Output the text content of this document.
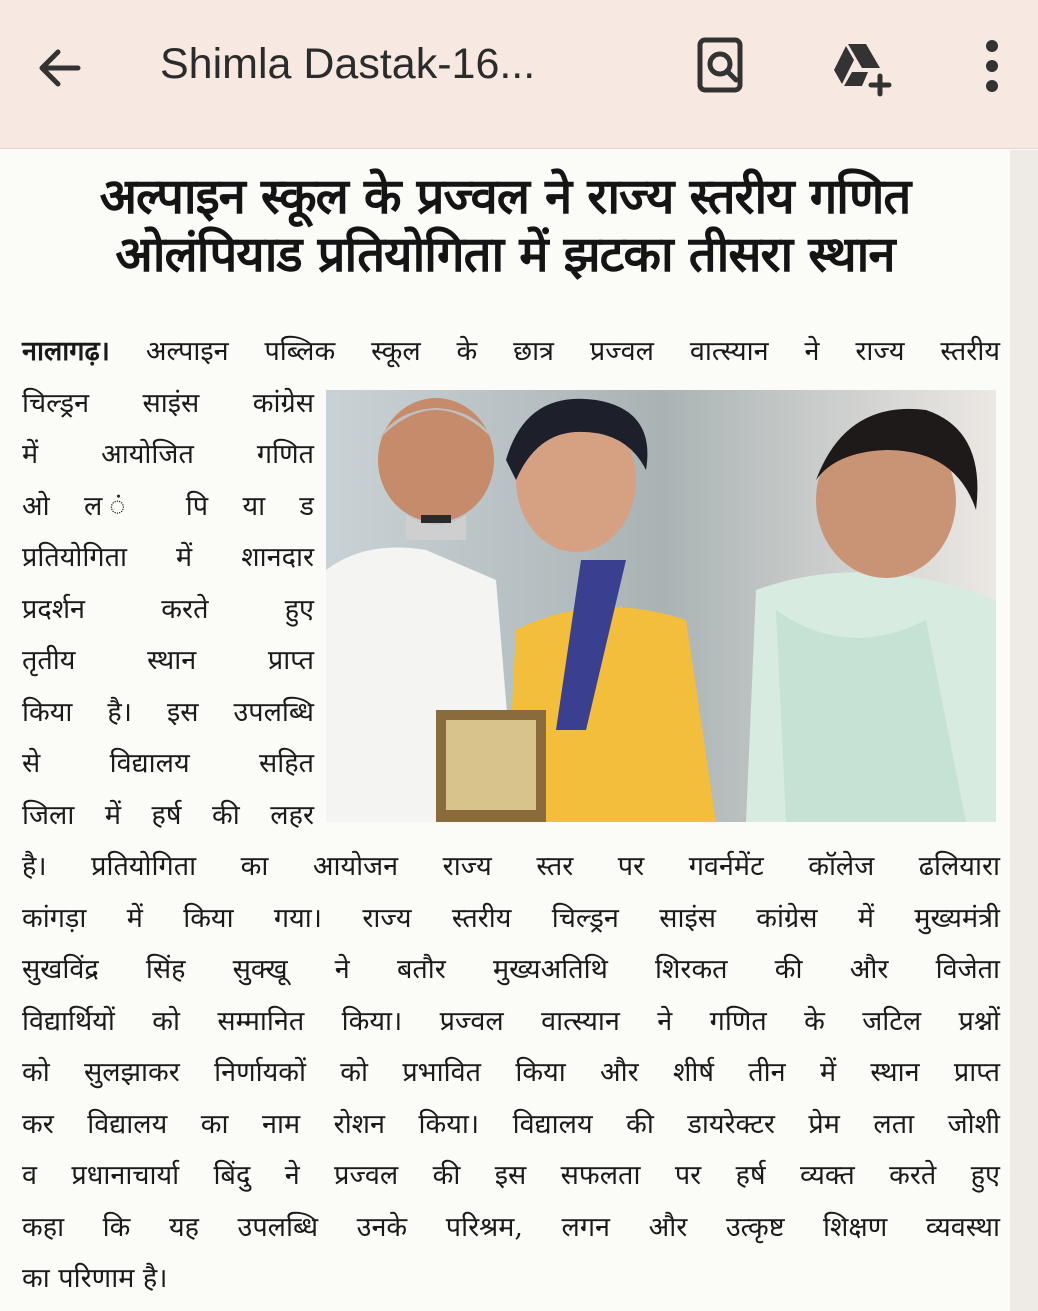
Shimla Dastak-16...
अल्पाइन स्कूल के प्रज्वल ने राज्य स्तरीय गणित
ओलंपियाड प्रतियोगिता में झटका तीसरा स्थान
नालागढ़। अल्पाइन पब्लिक स्कूल के छात्र प्रज्वल वात्स्यान ने राज्य स्तरीय
चिल्ड्रन साइंस कांग्रेस
में आयोजित गणित
ओ ल ं पि या ड
प्रतियोगिता में शानदार
प्रदर्शन करते हुए
तृतीय स्थान प्राप्त
किया है। इस उपलब्धि
से विद्यालय सहित
जिला में हर्ष की लहर
है। प्रतियोगिता का आयोजन राज्य स्तर पर गवर्नमेंट कॉलेज ढलियारा
कांगड़ा में किया गया। राज्य स्तरीय चिल्ड्रन साइंस कांग्रेस में मुख्यमंत्री
सुखविंद्र सिंह सुक्खू ने बतौर मुख्यअतिथि शिरकत की और विजेता
विद्यार्थियों को सम्मानित किया। प्रज्वल वात्स्यान ने गणित के जटिल प्रश्नों
को सुलझाकर निर्णायकों को प्रभावित किया और शीर्ष तीन में स्थान प्राप्त
कर विद्यालय का नाम रोशन किया। विद्यालय की डायरेक्टर प्रेम लता जोशी
व प्रधानाचार्या बिंदु ने प्रज्वल की इस सफलता पर हर्ष व्यक्त करते हुए
कहा कि यह उपलब्धि उनके परिश्रम, लगन और उत्कृष्ट शिक्षण व्यवस्था
का परिणाम है।
